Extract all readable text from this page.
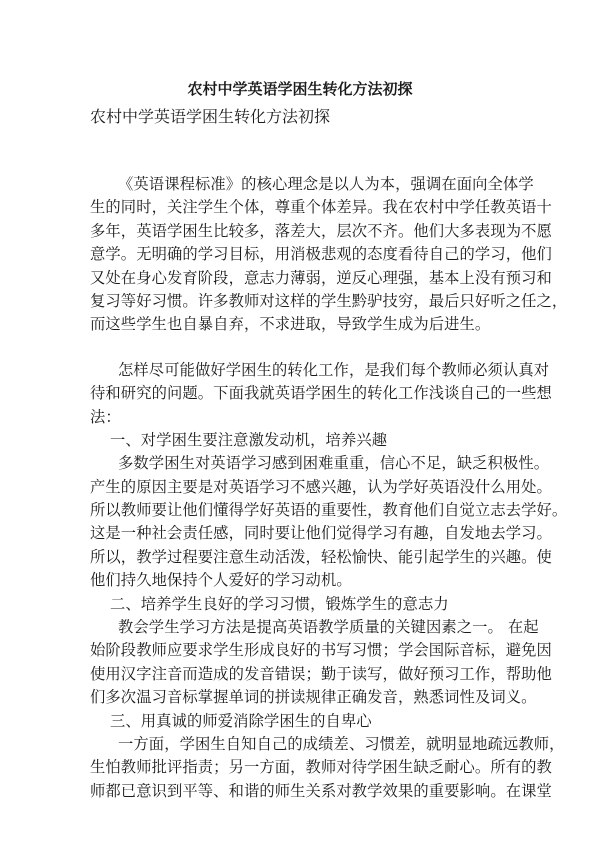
农村中学英语学困生转化方法初探
农村中学英语学困生转化方法初探
《英语课程标准》的核心理念是以人为本，强调在面向全体学
生的同时，关注学生个体，尊重个体差异。我在农村中学任教英语十
多年，英语学困生比较多，落差大，层次不齐。他们大多表现为不愿
意学。无明确的学习目标，用消极悲观的态度看待自己的学习，他们
又处在身心发育阶段，意志力薄弱，逆反心理强，基本上没有预习和
复习等好习惯。许多教师对这样的学生黔驴技穷，最后只好听之任之，
而这些学生也自暴自弃，不求进取，导致学生成为后进生。
怎样尽可能做好学困生的转化工作，是我们每个教师必须认真对
待和研究的问题。下面我就英语学困生的转化工作浅谈自己的一些想
法：
一、对学困生要注意激发动机，培养兴趣
多数学困生对英语学习感到困难重重，信心不足，缺乏积极性。
产生的原因主要是对英语学习不感兴趣，认为学好英语没什么用处。
所以教师要让他们懂得学好英语的重要性，教育他们自觉立志去学好。
这是一种社会责任感，同时要让他们觉得学习有趣，自发地去学习。
所以，教学过程要注意生动活泼，轻松愉快、能引起学生的兴趣。使
他们持久地保持个人爱好的学习动机。
二、培养学生良好的学习习惯，锻炼学生的意志力
教会学生学习方法是提高英语教学质量的关键因素之一。 在起
始阶段教师应要求学生形成良好的书写习惯；学会国际音标，避免因
使用汉字注音而造成的发音错误；勤于读写，做好预习工作，帮助他
们多次温习音标掌握单词的拼读规律正确发音，熟悉词性及词义。
三、用真诚的师爱消除学困生的自卑心
一方面，学困生自知自己的成绩差、习惯差，就明显地疏远教师，
生怕教师批评指责；另一方面，教师对待学困生缺乏耐心。所有的教
师都已意识到平等、和谐的师生关系对教学效果的重要影响。在课堂
